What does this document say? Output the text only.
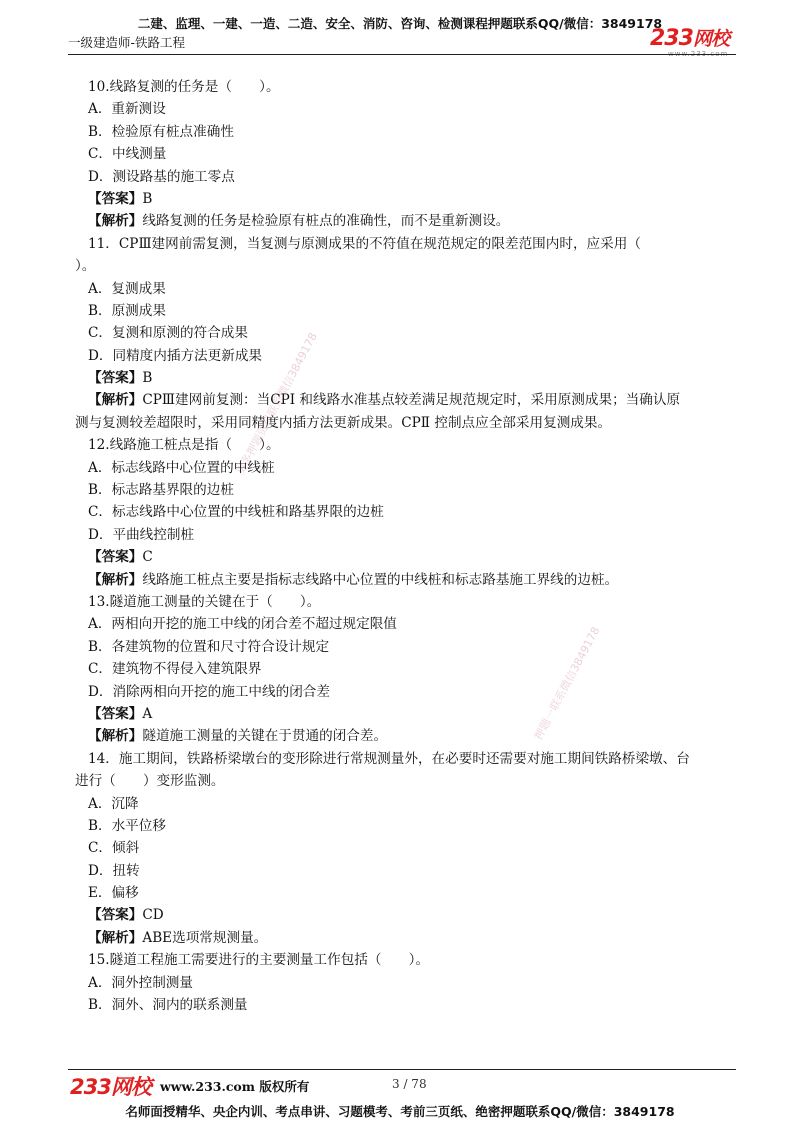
二建、监理、一建、一造、二造、安全、消防、咨询、检测课程押题联系QQ/微信：3849178
一级建造师-铁路工程	233网校
www.233.com
更多押题资料联系微信3849178
押题一联系微信3849178
10.线路复测的任务是（　　）。
A．重新测设
B．检验原有桩点准确性
C．中线测量
D．测设路基的施工零点
【答案】B
【解析】线路复测的任务是检验原有桩点的准确性，而不是重新测设。
11．CPⅢ建网前需复测，当复测与原测成果的不符值在规范规定的限差范围内时，应采用（
）。
A．复测成果
B．原测成果
C．复测和原测的符合成果
D．同精度内插方法更新成果
【答案】B
【解析】CPⅢ建网前复测：当CPⅠ 和线路水准基点较差满足规范规定时，采用原测成果；当确认原
测与复测较差超限时，采用同精度内插方法更新成果。CPⅡ 控制点应全部采用复测成果。
12.线路施工桩点是指（　　）。
A．标志线路中心位置的中线桩
B．标志路基界限的边桩
C．标志线路中心位置的中线桩和路基界限的边桩
D．平曲线控制桩
【答案】C
【解析】线路施工桩点主要是指标志线路中心位置的中线桩和标志路基施工界线的边桩。
13.隧道施工测量的关键在于（　　）。
A．两相向开挖的施工中线的闭合差不超过规定限值
B．各建筑物的位置和尺寸符合设计规定
C．建筑物不得侵入建筑限界
D．消除两相向开挖的施工中线的闭合差
【答案】A
【解析】隧道施工测量的关键在于贯通的闭合差。
14．施工期间，铁路桥梁墩台的变形除进行常规测量外，在必要时还需要对施工期间铁路桥梁墩、台
进行（　　）变形监测。
A．沉降
B．水平位移
C．倾斜
D．扭转
E．偏移
【答案】CD
【解析】ABE选项常规测量。
15.隧道工程施工需要进行的主要测量工作包括（　　）。
A．洞外控制测量
B．洞外、洞内的联系测量
233网校 www.233.com 版权所有	3 / 78
名师面授精华、央企内训、考点串讲、习题模考、考前三页纸、绝密押题联系QQ/微信：3849178
